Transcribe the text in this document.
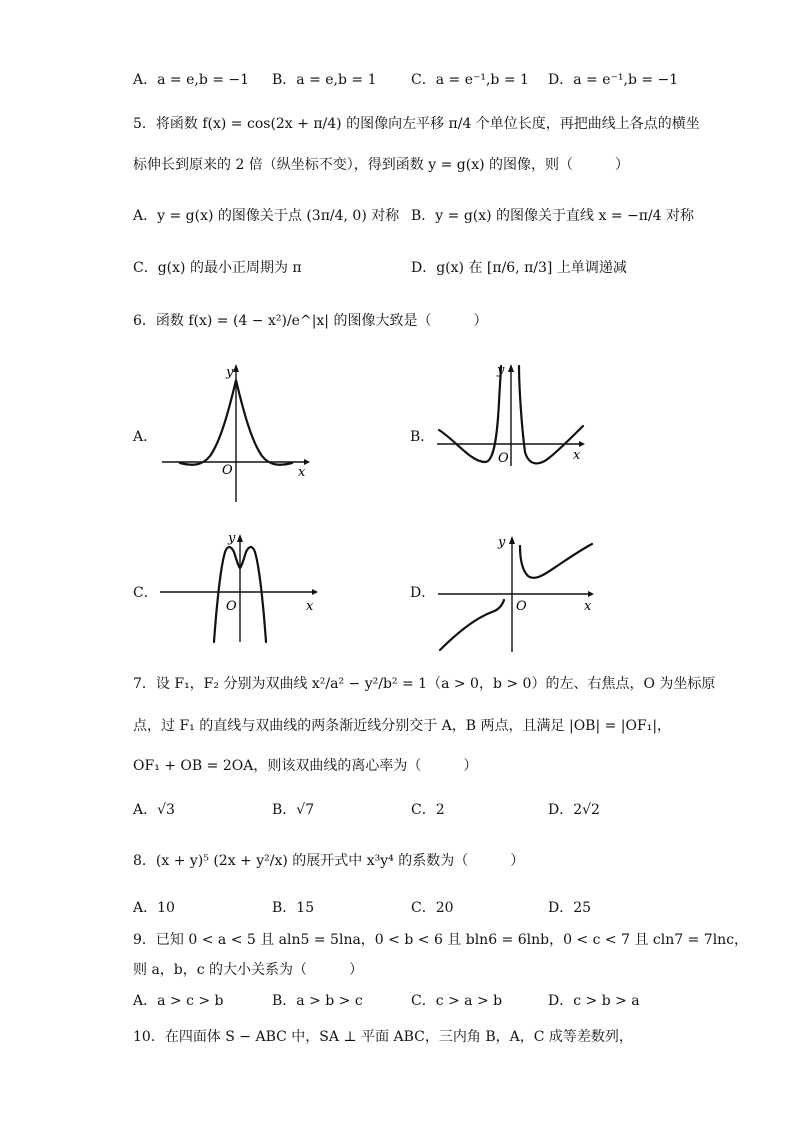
A．a = e,b = −1 B．a = e,b = 1 C．a = e⁻¹,b = 1 D．a = e⁻¹,b = −1
5．将函数 f(x) = cos(2x + π/4) 的图像向左平移 π/4 个单位长度，再把曲线上各点的横坐
标伸长到原来的 2 倍（纵坐标不变），得到函数 y = g(x) 的图像，则（　　　）
A．y = g(x) 的图像关于点 (3π/4, 0) 对称 B．y = g(x) 的图像关于直线 x = −π/4 对称
C．g(x) 的最小正周期为 π	D．g(x) 在 [π/6, π/3] 上单调递减
6．函数 f(x) = (4 − x²)/e^|x| 的图像大致是（　　　）
A．
y
x
O
B．
y
x
O
C．
y
x
O
D．
y
x
O
7．设 F₁，F₂ 分别为双曲线 x²/a² − y²/b² = 1（a > 0，b > 0）的左、右焦点，O 为坐标原
点，过 F₁ 的直线与双曲线的两条渐近线分别交于 A，B 两点，且满足 |OB| = |OF₁|，
OF₁ + OB = 2OA，则该双曲线的离心率为（　　　）
A．√3	B．√7	C．2	D．2√2
8．(x + y)⁵ (2x + y²/x) 的展开式中 x³y⁴ 的系数为（　　　）
A．10	B．15	C．20	D．25
9．已知 0 < a < 5 且 aln5 = 5lna，0 < b < 6 且 bln6 = 6lnb，0 < c < 7 且 cln7 = 7lnc，
则 a，b，c 的大小关系为（　　　）
A．a > c > b	B．a > b > c	C．c > a > b	D．c > b > a
10．在四面体 S − ABC 中，SA ⊥ 平面 ABC，三内角 B，A，C 成等差数列，
